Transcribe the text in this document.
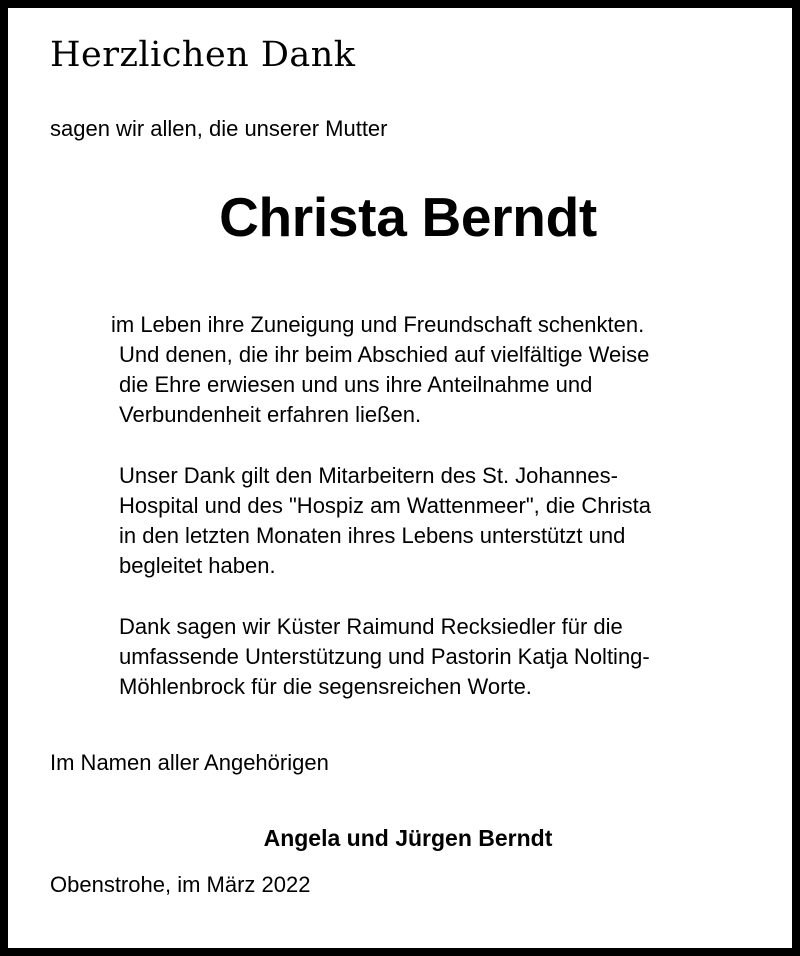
Herzlichen Dank

sagen wir allen, die unserer Mutter

Christa Berndt

im Leben ihre Zuneigung und Freundschaft schenkten.
Und denen, die ihr beim Abschied auf vielfältige Weise
die Ehre erwiesen und uns ihre Anteilnahme und
Verbundenheit erfahren ließen.

Unser Dank gilt den Mitarbeitern des St. Johannes-
Hospital und des "Hospiz am Wattenmeer", die Christa
in den letzten Monaten ihres Lebens unterstützt und
begleitet haben.

Dank sagen wir Küster Raimund Recksiedler für die
umfassende Unterstützung und Pastorin Katja Nolting-
Möhlenbrock für die segensreichen Worte.

Im Namen aller Angehörigen

Angela und Jürgen Berndt

Obenstrohe, im März 2022
